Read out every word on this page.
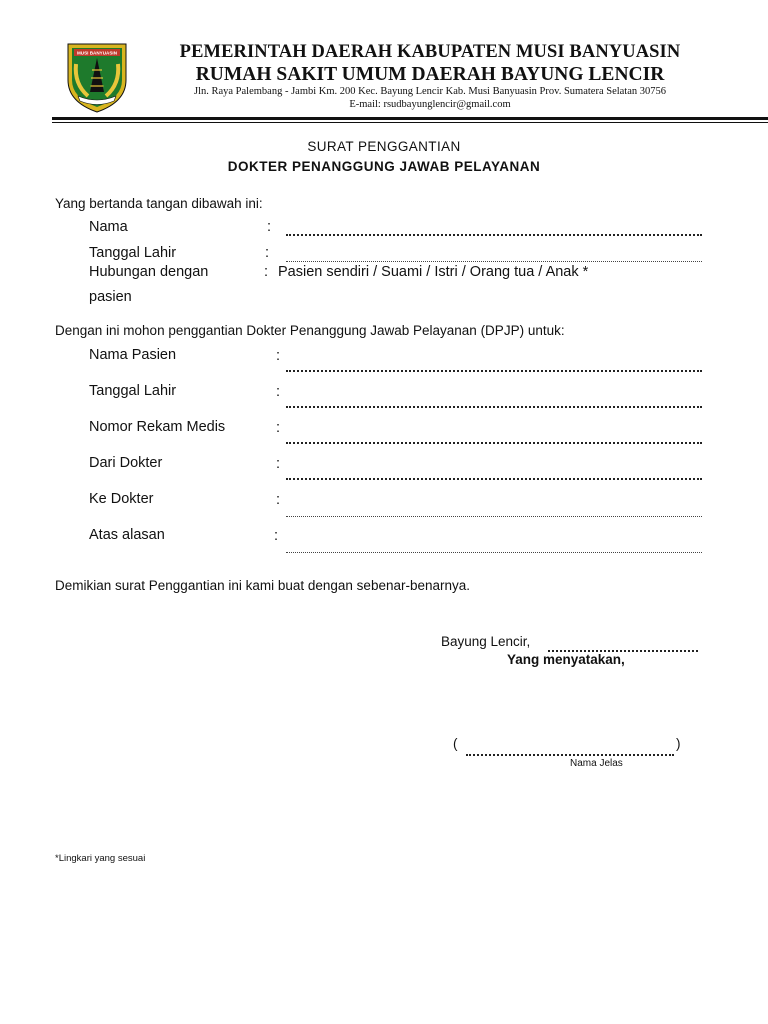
MUSI BANYUASIN	PEMERINTAH DAERAH KABUPATEN MUSI BANYUASIN
RUMAH SAKIT UMUM DAERAH BAYUNG LENCIR
Jln. Raya Palembang - Jambi Km. 200 Kec. Bayung Lencir Kab. Musi Banyuasin Prov. Sumatera Selatan 30756
E-mail: rsudbayunglencir@gmail.com
SURAT PENGGANTIAN
DOKTER PENANGGUNG JAWAB PELAYANAN
Yang bertanda tangan dibawah ini:
Nama	:
Tanggal Lahir	:
Hubungan dengan	: Pasien sendiri / Suami / Istri / Orang tua / Anak *
pasien
Dengan ini mohon penggantian Dokter Penanggung Jawab Pelayanan (DPJP) untuk:
Nama Pasien	:
Tanggal Lahir	:
Nomor Rekam Medis	:
Dari Dokter	:
Ke Dokter	:
Atas alasan	:
Demikian surat Penggantian ini kami buat dengan sebenar-benarnya.
Bayung Lencir,
Yang menyatakan,
(	)
Nama Jelas
*Lingkari yang sesuai
